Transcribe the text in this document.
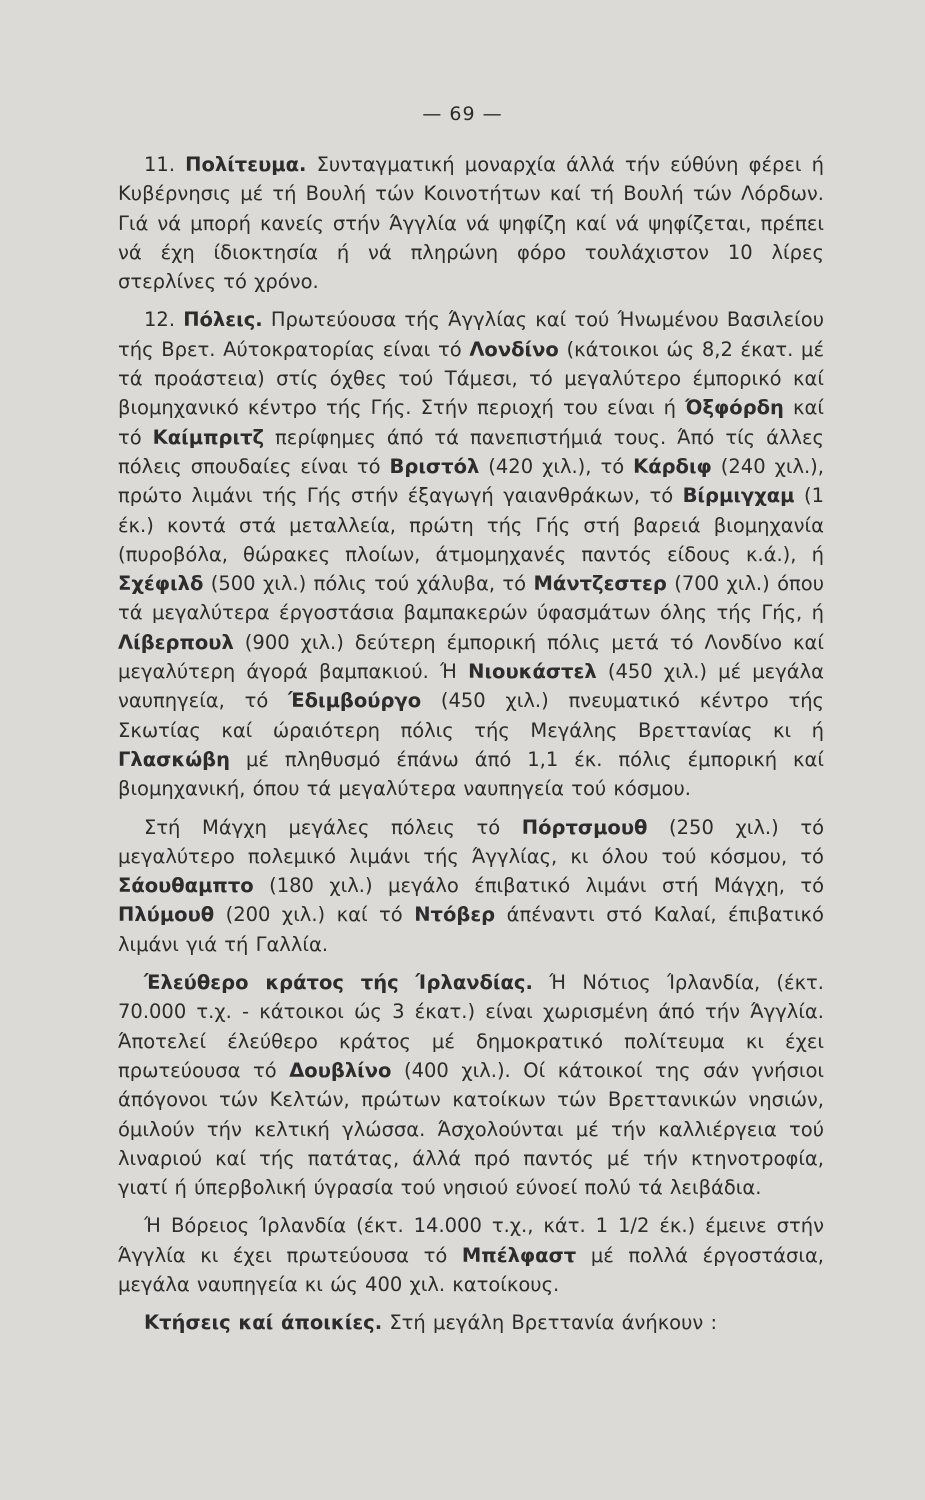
— 69 —

11. Πολίτευμα. Συνταγματική μοναρχία άλλά τήν εύθύνη φέρει ή Κυβέρνησις μέ τή Βουλή τών Κοινοτήτων καί τή Βουλή τών Λόρδων. Γιά νά μπορή κανείς στήν Άγγλία νά ψηφίζη καί νά ψηφίζεται, πρέπει νά έχη ίδιοκτησία ή νά πληρώνη φόρο τουλάχιστον 10 λίρες στερλίνες τό χρόνο.

12. Πόλεις. Πρωτεύουσα τής Άγγλίας καί τού Ήνωμένου Βασιλείου τής Βρετ. Αύτοκρατορίας είναι τό Λονδίνο (κάτοικοι ώς 8,2 έκατ. μέ τά προάστεια) στίς όχθες τού Τάμεσι, τό μεγαλύτερο έμπορικό καί βιομηχανικό κέντρο τής Γής. Στήν περιοχή του είναι ή Όξφόρδη καί τό Καίμπριτζ περίφημες άπό τά πανεπιστήμιά τους. Άπό τίς άλλες πόλεις σπουδαίες είναι τό Βριστόλ (420 χιλ.), τό Κάρδιφ (240 χιλ.), πρώτο λιμάνι τής Γής στήν έξαγωγή γαιανθράκων, τό Βίρμιγχαμ (1 έκ.) κοντά στά μεταλλεία, πρώτη τής Γής στή βαρειά βιομηχανία (πυροβόλα, θώρακες πλοίων, άτμομηχανές παντός είδους κ.ά.), ή Σχέφιλδ (500 χιλ.) πόλις τού χάλυβα, τό Μάντζεστερ (700 χιλ.) όπου τά μεγαλύτερα έργοστάσια βαμπακερών ύφασμάτων όλης τής Γής, ή Λίβερπουλ (900 χιλ.) δεύτερη έμπορική πόλις μετά τό Λονδίνο καί μεγαλύτερη άγορά βαμπακιού. Ή Νιουκάστελ (450 χιλ.) μέ μεγάλα ναυπηγεία, τό Έδιμβούργο (450 χιλ.) πνευματικό κέντρο τής Σκωτίας καί ώραιότερη πόλις τής Μεγάλης Βρεττανίας κι ή Γλασκώβη μέ πληθυσμό έπάνω άπό 1,1 έκ. πόλις έμπορική καί βιομηχανική, όπου τά μεγαλύτερα ναυπηγεία τού κόσμου.

Στή Μάγχη μεγάλες πόλεις τό Πόρτσμουθ (250 χιλ.) τό μεγαλύτερο πολεμικό λιμάνι τής Άγγλίας, κι όλου τού κόσμου, τό Σάουθαμπτο (180 χιλ.) μεγάλο έπιβατικό λιμάνι στή Μάγχη, τό Πλύμουθ (200 χιλ.) καί τό Ντόβερ άπέναντι στό Καλαί, έπιβατικό λιμάνι γιά τή Γαλλία.

Έλεύθερο κράτος τής Ίρλανδίας. Ή Νότιος Ίρλανδία, (έκτ. 70.000 τ.χ. - κάτοικοι ώς 3 έκατ.) είναι χωρισμένη άπό τήν Άγγλία. Άποτελεί έλεύθερο κράτος μέ δημοκρατικό πολίτευμα κι έχει πρωτεύουσα τό Δουβλίνο (400 χιλ.). Οί κάτοικοί της σάν γνήσιοι άπόγονοι τών Κελτών, πρώτων κατοίκων τών Βρεττανικών νησιών, όμιλούν τήν κελτική γλώσσα. Άσχολούνται μέ τήν καλλιέργεια τού λιναριού καί τής πατάτας, άλλά πρό παντός μέ τήν κτηνοτροφία, γιατί ή ύπερβολική ύγρασία τού νησιού εύνοεί πολύ τά λειβάδια.

Ή Βόρειος Ίρλανδία (έκτ. 14.000 τ.χ., κάτ. 1 1/2 έκ.) έμεινε στήν Άγγλία κι έχει πρωτεύουσα τό Μπέλφαστ μέ πολλά έργοστάσια, μεγάλα ναυπηγεία κι ώς 400 χιλ. κατοίκους.

Κτήσεις καί άποικίες. Στή μεγάλη Βρεττανία άνήκουν :
